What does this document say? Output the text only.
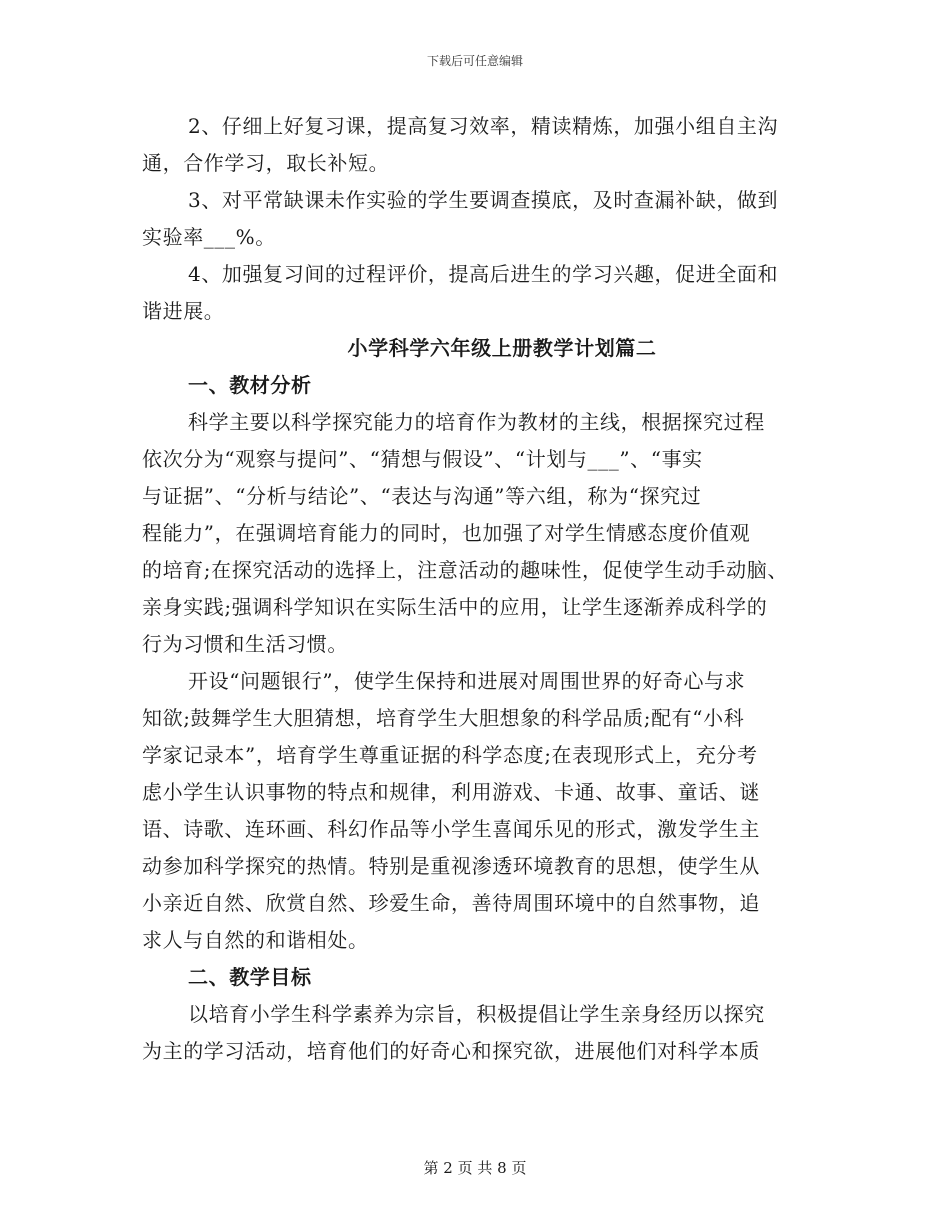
下载后可任意编辑
2、仔细上好复习课，提高复习效率，精读精炼，加强小组自主沟
通，合作学习，取长补短。
3、对平常缺课未作实验的学生要调查摸底，及时查漏补缺，做到
实验率___%。
4、加强复习间的过程评价，提高后进生的学习兴趣，促进全面和
谐进展。
小学科学六年级上册教学计划篇二
一、教材分析
科学主要以科学探究能力的培育作为教材的主线，根据探究过程
依次分为“观察与提问”、“猜想与假设”、“计划与___”、“事实
与证据”、“分析与结论”、“表达与沟通”等六组，称为“探究过
程能力”，在强调培育能力的同时，也加强了对学生情感态度价值观
的培育;在探究活动的选择上，注意活动的趣味性，促使学生动手动脑、
亲身实践;强调科学知识在实际生活中的应用，让学生逐渐养成科学的
行为习惯和生活习惯。
开设“问题银行”，使学生保持和进展对周围世界的好奇心与求
知欲;鼓舞学生大胆猜想，培育学生大胆想象的科学品质;配有“小科
学家记录本”，培育学生尊重证据的科学态度;在表现形式上，充分考
虑小学生认识事物的特点和规律，利用游戏、卡通、故事、童话、谜
语、诗歌、连环画、科幻作品等小学生喜闻乐见的形式，激发学生主
动参加科学探究的热情。特别是重视渗透环境教育的思想，使学生从
小亲近自然、欣赏自然、珍爱生命，善待周围环境中的自然事物，追
求人与自然的和谐相处。
二、教学目标
以培育小学生科学素养为宗旨，积极提倡让学生亲身经历以探究
为主的学习活动，培育他们的好奇心和探究欲，进展他们对科学本质
第 2 页 共 8 页
